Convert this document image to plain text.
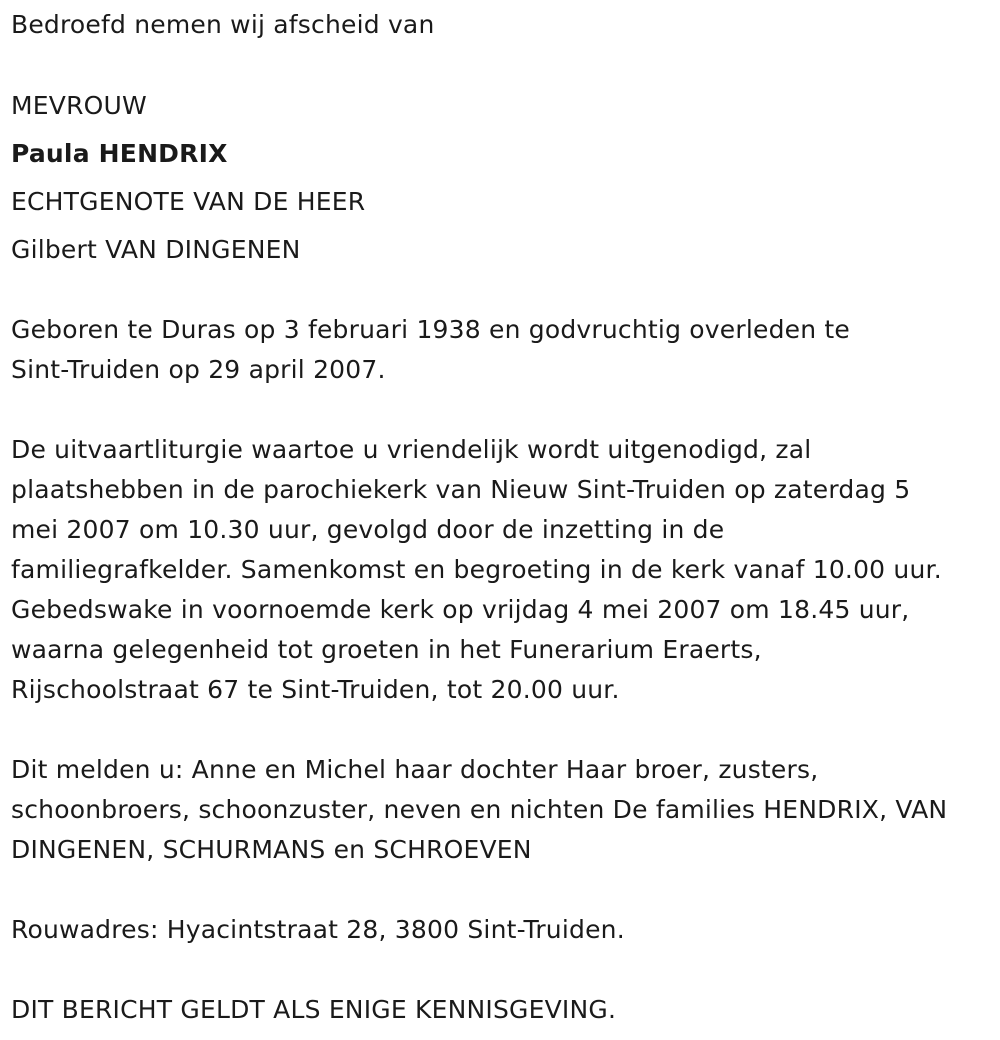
Bedroefd nemen wij afscheid van
MEVROUW
Paula HENDRIX
ECHTGENOTE VAN DE HEER
Gilbert VAN DINGENEN
Geboren te Duras op 3 februari 1938 en godvruchtig overleden te
Sint-Truiden op 29 april 2007.
De uitvaartliturgie waartoe u vriendelijk wordt uitgenodigd, zal
plaatshebben in de parochiekerk van Nieuw Sint-Truiden op zaterdag 5
mei 2007 om 10.30 uur, gevolgd door de inzetting in de
familiegrafkelder. Samenkomst en begroeting in de kerk vanaf 10.00 uur.
Gebedswake in voornoemde kerk op vrijdag 4 mei 2007 om 18.45 uur,
waarna gelegenheid tot groeten in het Funerarium Eraerts,
Rijschoolstraat 67 te Sint-Truiden, tot 20.00 uur.
Dit melden u: Anne en Michel haar dochter Haar broer, zusters,
schoonbroers, schoonzuster, neven en nichten De families HENDRIX, VAN
DINGENEN, SCHURMANS en SCHROEVEN
Rouwadres: Hyacintstraat 28, 3800 Sint-Truiden.
DIT BERICHT GELDT ALS ENIGE KENNISGEVING.
